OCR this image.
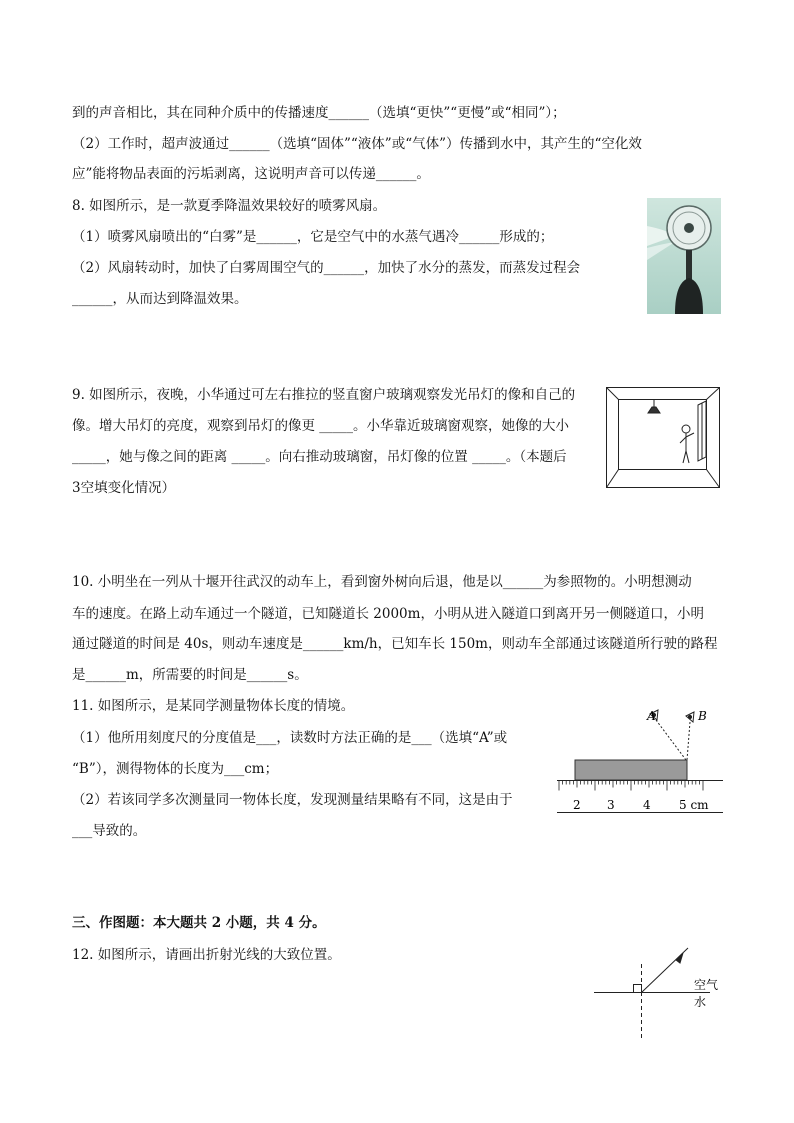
到的声音相比，其在同种介质中的传播速度______（选填“更快”“更慢”或“相同”）；
（2）工作时，超声波通过______（选填“固体”“液体”或“气体”）传播到水中，其产生的“空化效
应”能将物品表面的污垢剥离，这说明声音可以传递______。
8. 如图所示，是一款夏季降温效果较好的喷雾风扇。
（1）喷雾风扇喷出的“白雾”是______，它是空气中的水蒸气遇冷______形成的；
（2）风扇转动时，加快了白雾周围空气的______，加快了水分的蒸发，而蒸发过程会
______，从而达到降温效果。
9. 如图所示，夜晚，小华通过可左右推拉的竖直窗户玻璃观察发光吊灯的像和自己的
像。增大吊灯的亮度，观察到吊灯的像更 _____。小华靠近玻璃窗观察，她像的大小
_____，她与像之间的距离 _____。向右推动玻璃窗，吊灯像的位置 _____。（本题后
3空填变化情况）
10. 小明坐在一列从十堰开往武汉的动车上，看到窗外树向后退，他是以______为参照物的。小明想测动
车的速度。在路上动车通过一个隧道，已知隧道长 2000m，小明从进入隧道口到离开另一侧隧道口，小明
通过隧道的时间是 40s，则动车速度是______km/h，已知车长 150m，则动车全部通过该隧道所行驶的路程
是______m，所需要的时间是______s。
11. 如图所示，是某同学测量物体长度的情境。
（1）他所用刻度尺的分度值是___，读数时方法正确的是___（选填“A”或
“B”），测得物体的长度为___cm；
（2）若该同学多次测量同一物体长度，发现测量结果略有不同，这是由于
___导致的。
A	B
2 3 4 5 cm
三、作图题：本大题共 2 小题，共 4 分。
12. 如图所示，请画出折射光线的大致位置。
空气
水
